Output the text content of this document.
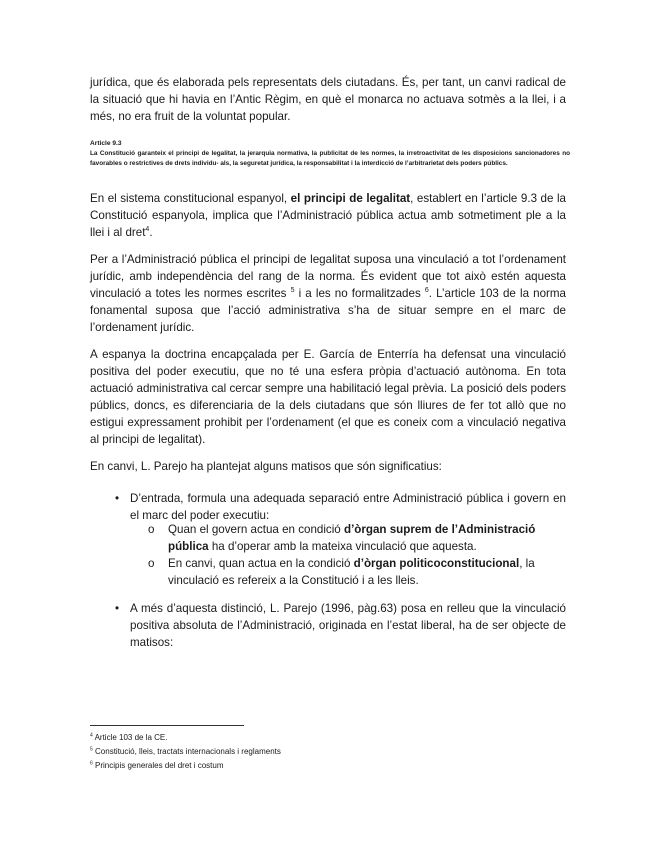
jurídica, que és elaborada pels representats dels ciutadans. És, per tant, un canvi radical de la situació que hi havia en l’Antic Règim, en què el monarca no actuava sotmès a la llei, i a més, no era fruit de la voluntat popular.

Article 9.3

La Constitució garanteix el principi de legalitat, la jerarquia normativa, la publicitat de les normes, la irretroactivitat de les disposicions sancionadores no favorables o restrictives de drets individu- als, la seguretat jurídica, la responsabilitat i la interdicció de l’arbitrarietat dels poders públics.

En el sistema constitucional espanyol, el principi de legalitat, establert en l’article 9.3 de la Constitució espanyola, implica que l’Administració pública actua amb sotmetiment ple a la llei i al dret$^4$.

Per a l’Administració pública el principi de legalitat suposa una vinculació a tot l’ordenament jurídic, amb independència del rang de la norma. És evident que tot això estén aquesta vinculació a totes les normes escrites $^5$ i a les no formalitzades $^6$. L’article 103 de la norma fonamental suposa que l’acció administrativa s’ha de situar sempre en el marc de l’ordenament jurídic.

A espanya la doctrina encapçalada per E. García de Enterría ha defensat una vinculació positiva del poder executiu, que no té una esfera pròpia d’actuació autònoma. En tota actuació administrativa cal cercar sempre una habilitació legal prèvia. La posició dels poders públics, doncs, es diferenciaria de la dels ciutadans que són lliures de fer tot allò que no estigui expressament prohibit per l’ordenament (el que es coneix com a vinculació negativa al principi de legalitat).

En canvi, L. Parejo ha plantejat alguns matisos que són significatius:

• D’entrada, formula una adequada separació entre Administració pública i govern en el marc del poder executiu:

o Quan el govern actua en condició d’òrgan suprem de l’Administració pública ha d’operar amb la mateixa vinculació que aquesta.

o En canvi, quan actua en la condició d’òrgan politicoconstitucional, la vinculació es refereix a la Constitució i a les lleis.

• A més d’aquesta distinció, L. Parejo (1996, pàg.63) posa en relleu que la vinculació positiva absoluta de l’Administració, originada en l’estat liberal, ha de ser objecte de matisos:

$^4$ Article 103 de la CE.

$^5$ Constitució, lleis, tractats internacionals i reglaments

$^6$ Principis generales del dret i costum
